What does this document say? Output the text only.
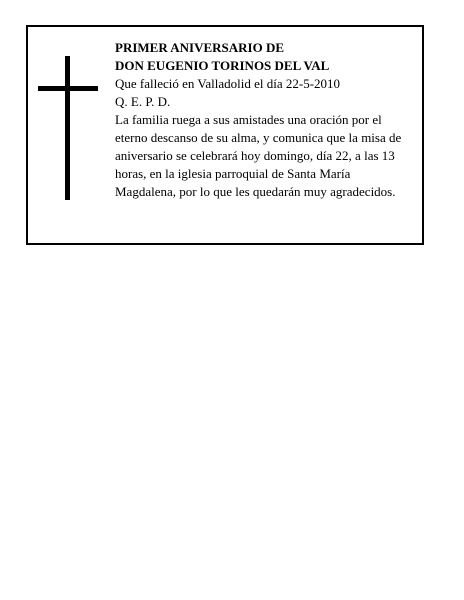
PRIMER ANIVERSARIO DE
DON EUGENIO TORINOS DEL VAL
Que falleció en Valladolid el día 22-5-2010
Q. E. P. D.
La familia ruega a sus amistades una oración por el
eterno descanso de su alma, y comunica que la misa de
aniversario se celebrará hoy domingo, día 22, a las 13
horas, en la iglesia parroquial de Santa María
Magdalena, por lo que les quedarán muy agradecidos.
